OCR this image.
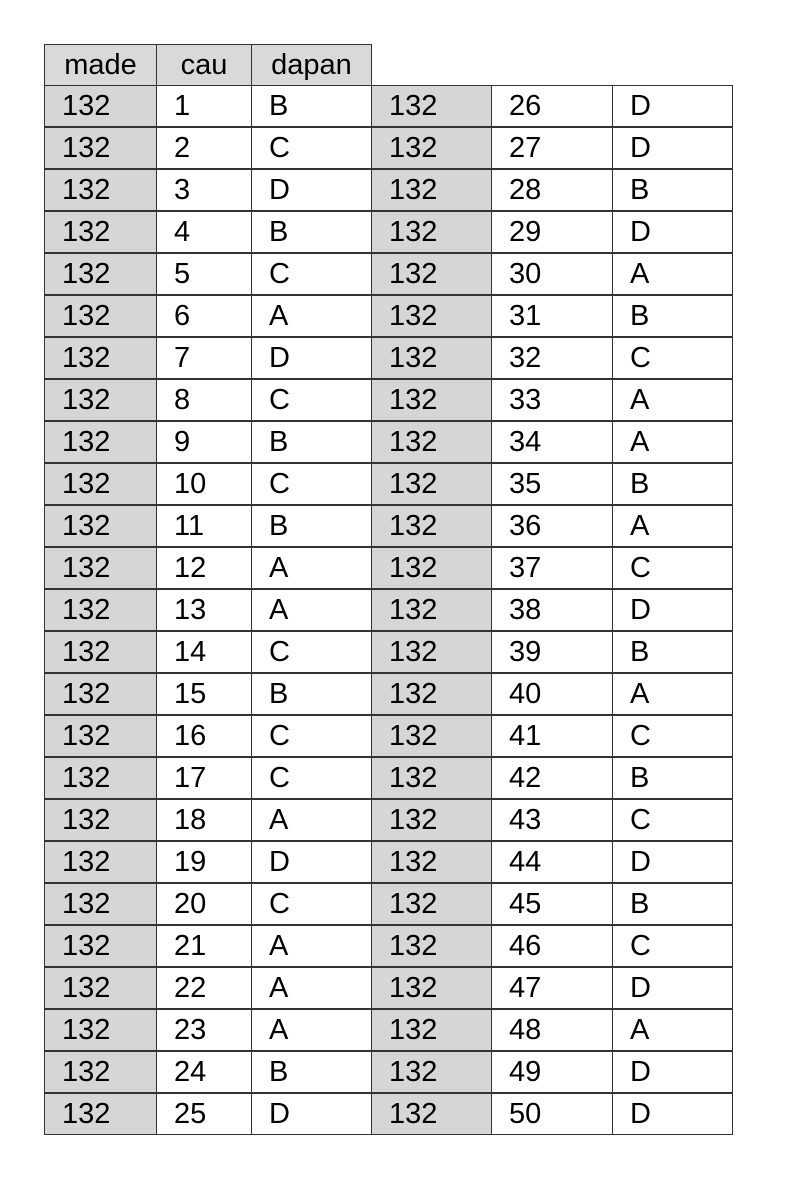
made	cau	dapan
132	1	B
132	2	C
132	3	D
132	4	B
132	5	C
132	6	A
132	7	D
132	8	C
132	9	B
132	10	C
132	11	B
132	12	A
132	13	A
132	14	C
132	15	B
132	16	C
132	17	C
132	18	A
132	19	D
132	20	C
132	21	A
132	22	A
132	23	A
132	24	B
132	25	D
132	26	D
132	27	D
132	28	B
132	29	D
132	30	A
132	31	B
132	32	C
132	33	A
132	34	A
132	35	B
132	36	A
132	37	C
132	38	D
132	39	B
132	40	A
132	41	C
132	42	B
132	43	C
132	44	D
132	45	B
132	46	C
132	47	D
132	48	A
132	49	D
132	50	D
